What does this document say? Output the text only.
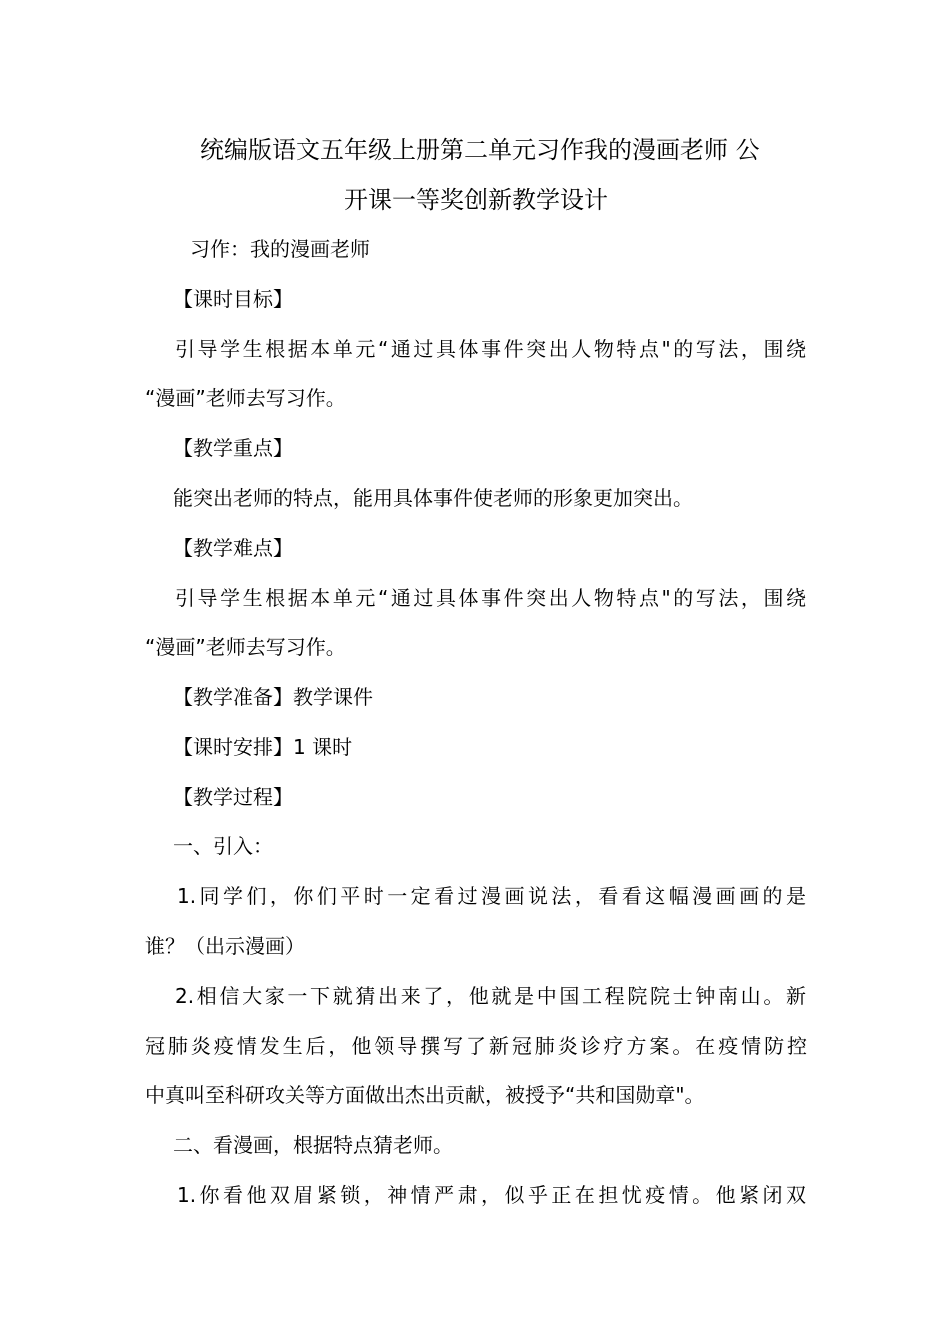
统编版语文五年级上册第二单元习作我的漫画老师 公
开课一等奖创新教学设计
习作：我的漫画老师
【课时目标】
引导学生根据本单元“通过具体事件突出人物特点"的写法，围绕
“漫画”老师去写习作。
【教学重点】
能突出老师的特点，能用具体事件使老师的形象更加突出。
【教学难点】
引导学生根据本单元“通过具体事件突出人物特点"的写法，围绕
“漫画”老师去写习作。
【教学准备】教学课件
【课时安排】1 课时
【教学过程】
一、引入：
1.同学们，你们平时一定看过漫画说法，看看这幅漫画画的是
谁？（出示漫画）
2.相信大家一下就猜出来了，他就是中国工程院院士钟南山。新
冠肺炎疫情发生后，他领导撰写了新冠肺炎诊疗方案。在疫情防控
中真叫至科研攻关等方面做出杰出贡献，被授予“共和国勋章"。
二、看漫画，根据特点猜老师。
1.你看他双眉紧锁，神情严肃，似乎正在担忧疫情。他紧闭双
